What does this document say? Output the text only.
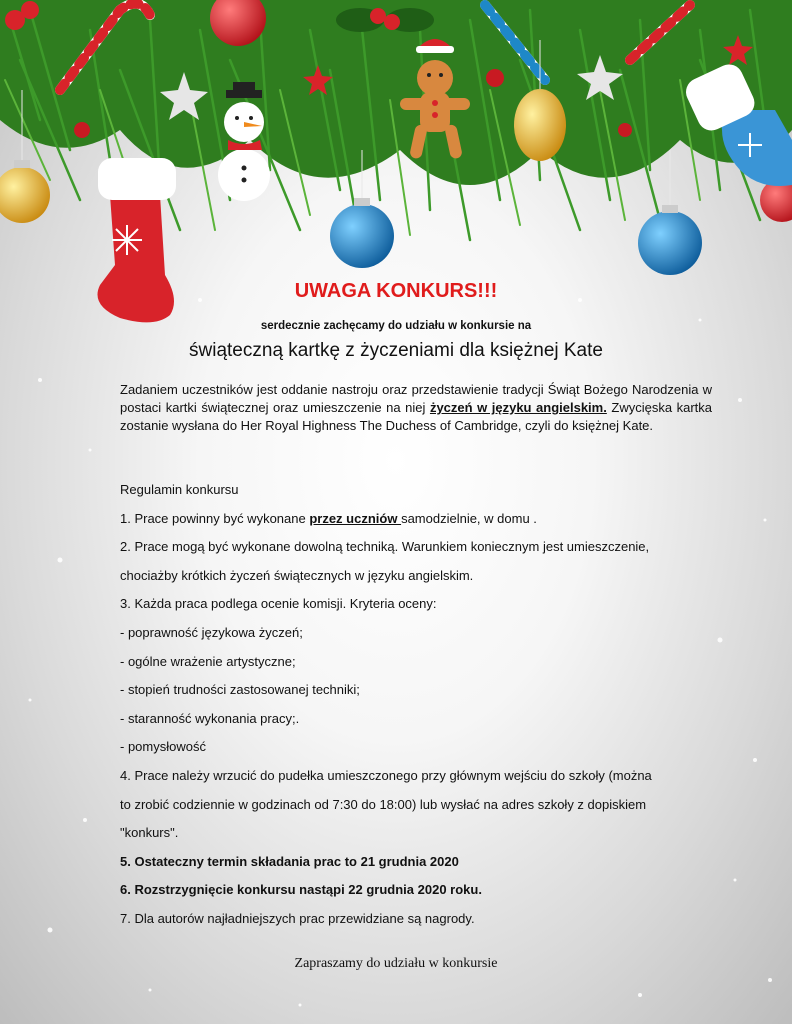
UWAGA KONKURS!!!
serdecznie zachęcamy do udziału w konkursie na
świąteczną kartkę z życzeniami dla księżnej Kate
Zadaniem uczestników jest oddanie nastroju oraz przedstawienie tradycji Świąt Bożego Narodzenia w postaci kartki świątecznej oraz umieszczenie na niej życzeń w języku angielskim. Zwycięska kartka zostanie wysłana do Her Royal Highness The Duchess of Cambridge, czyli do księżnej Kate.
Regulamin konkursu
1. Prace powinny być wykonane przez uczniów samodzielnie, w domu .
2. Prace mogą być wykonane dowolną techniką. Warunkiem koniecznym jest umieszczenie,
chociażby krótkich życzeń świątecznych w języku angielskim.
3. Każda praca podlega ocenie komisji. Kryteria oceny:
- poprawność językowa życzeń;
- ogólne wrażenie artystyczne;
- stopień trudności zastosowanej techniki;
- staranność wykonania pracy;.
- pomysłowość
4. Prace należy wrzucić do pudełka umieszczonego przy głównym wejściu do szkoły (można
to zrobić codziennie w godzinach od 7:30 do 18:00) lub wysłać na adres szkoły z dopiskiem
"konkurs".
5. Ostateczny termin składania prac to 21 grudnia 2020
6. Rozstrzygnięcie konkursu nastąpi 22 grudnia 2020 roku.
7. Dla autorów najładniejszych prac przewidziane są nagrody.
Zapraszamy do udziału w konkursie
